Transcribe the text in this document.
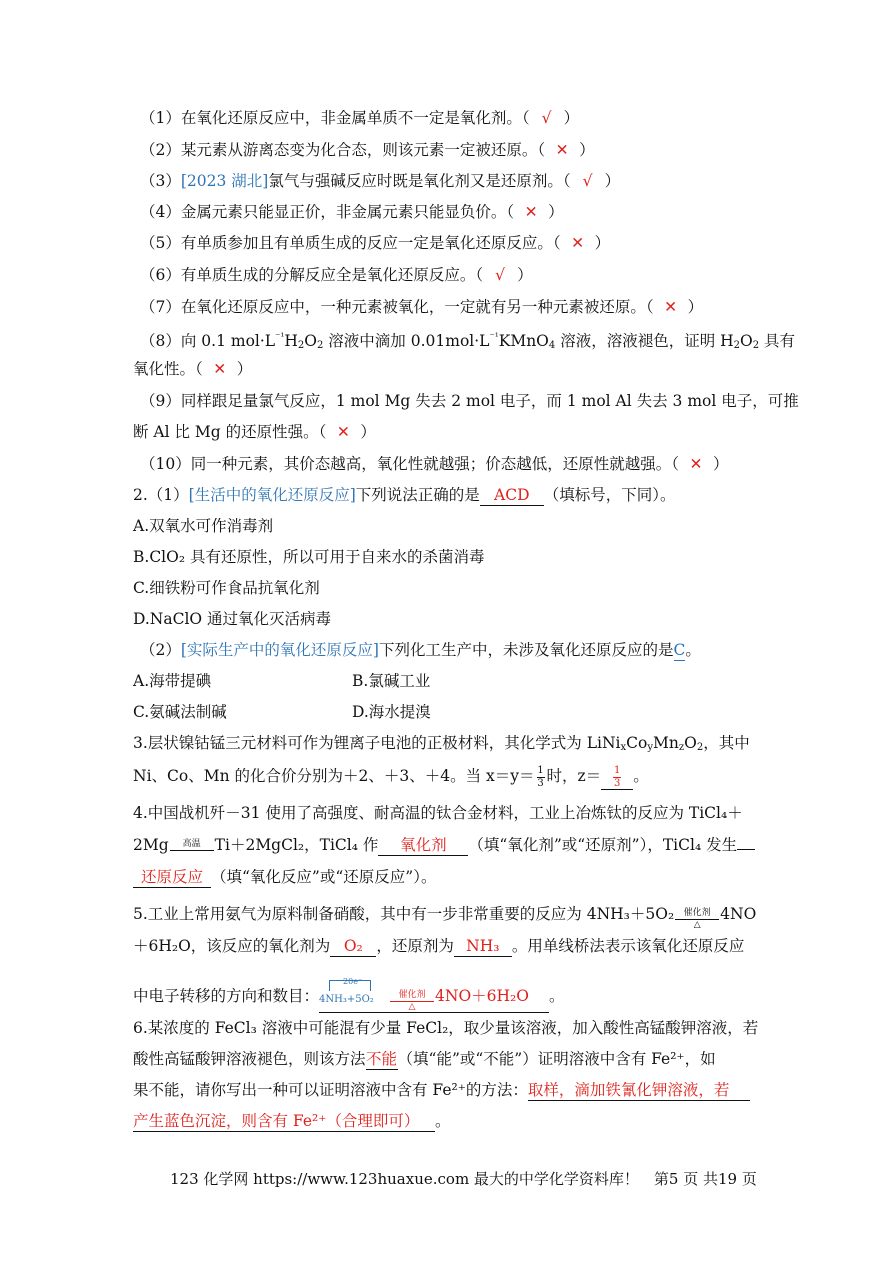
（1）在氧化还原反应中，非金属单质不一定是氧化剂。（ √ ）
（2）某元素从游离态变为化合态，则该元素一定被还原。（ ✕ ）
（3）[2023 湖北]氯气与强碱反应时既是氧化剂又是还原剂。（ √ ）
（4）金属元素只能显正价，非金属元素只能显负价。（ ✕ ）
（5）有单质参加且有单质生成的反应一定是氧化还原反应。（ ✕ ）
（6）有单质生成的分解反应全是氧化还原反应。（ √ ）
（7）在氧化还原反应中，一种元素被氧化，一定就有另一种元素被还原。（ ✕ ）
（8）向 0.1 $mol\cdot L^{^{-1}}H_2O_2$ 溶液中滴加 $0.01mol\cdot L^{^{-1}}KMnO_4$ 溶液，溶液褪色，证明 $H_2O_2$ 具有
氧化性。（ ✕ ）
（9）同样跟足量氯气反应，1 mol Mg 失去 2 mol 电子，而 1 mol Al 失去 3 mol 电子，可推
断 Al 比 Mg 的还原性强。（ ✕ ）
（10）同一种元素，其价态越高，氧化性就越强；价态越低，还原性就越强。（ ✕ ）
2.（1）[生活中的氧化还原反应]下列说法正确的是 ACD （填标号，下同）。
A.双氧水可作消毒剂
B.ClO₂ 具有还原性，所以可用于自来水的杀菌消毒
C.细铁粉可作食品抗氧化剂
D.NaClO 通过氧化灭活病毒
（2）[实际生产中的氧化还原反应]下列化工生产中，未涉及氧化还原反应的是C。
A.海带提碘	B.氯碱工业
C.氨碱法制碱	D.海水提溴
3.层状镍钴锰三元材料可作为锂离子电池的正极材料，其化学式为 $LiNi_xCo_yMn_zO_2$，其中
Ni、Co、Mn 的化合价分别为＋2、＋3、＋4。当 $x=y= \frac{1}{3}$ 时，$z= \frac{1}{3}$ 。
4.中国战机歼－31 使用了高强度、耐高温的钛合金材料，工业上冶炼钛的反应为 TiCl₄＋
2Mg 高温 Ti＋2MgCl₂，TiCl₄ 作 氧化剂 （填“氧化剂”或“还原剂”），TiCl₄ 发生
还原反应 （填“氧化反应”或“还原反应”）。
5.工业上常用氨气为原料制备硝酸，其中有一步非常重要的反应为 4NH₃＋5O₂ 催化剂
△
4NO
＋6H₂O，该反应的氧化剂为 O₂ ，还原剂为 NH₃ 。用单线桥法表示该氧化还原反应
中电子转移的方向和数目：
20e⁻
4NH₃+5O₂	催化剂
△
4NO＋6H₂O 。
6.某浓度的 FeCl₃ 溶液中可能混有少量 FeCl₂，取少量该溶液，加入酸性高锰酸钾溶液，若
酸性高锰酸钾溶液褪色，则该方法不能（填“能”或“不能”）证明溶液中含有 Fe²⁺，如
果不能，请你写出一种可以证明溶液中含有 Fe²⁺的方法：取样，滴加铁氰化钾溶液，若
产生蓝色沉淀，则含有 Fe²⁺（合理即可） 。
123 化学网 https://www.123huaxue.com 最大的中学化学资料库！　第5 页 共19 页
